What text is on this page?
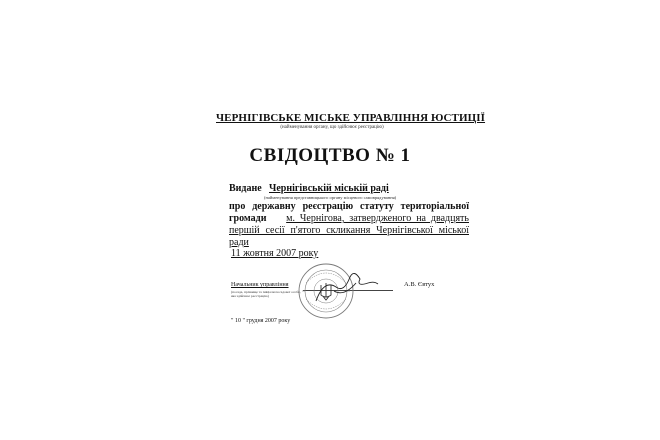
ЧЕРНІГІВСЬКЕ МІСЬКЕ УПРАВЛІННЯ ЮСТИЦІЇ
(найменування органу, що здійснює реєстрацію)
СВІДОЦТВО № 1
Видане Чернігівській міській раді
(найменування представницького органу місцевого самоврядування)
про державну реєстрацію статуту територіальної
громади м. Чернігова, затвердженого на двадцять
першій сесії п'ятого скликання Чернігівської міської
ради
11 жовтня 2007 року
Начальник управління
(посада, прізвище та ініціали посадової особи, яка здійснює реєстрацію)
А.В. Євтух
" 10 " грудня 2007 року
